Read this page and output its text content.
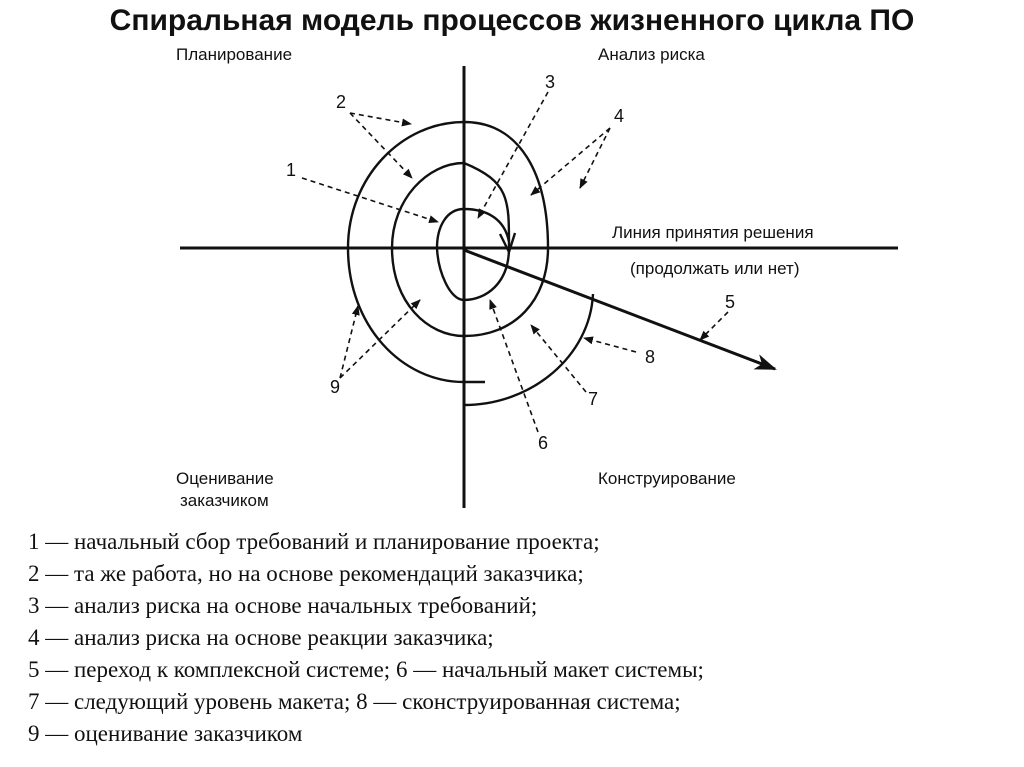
Спиральная модель процессов жизненного цикла ПО
Планирование	Анализ риска
Оценивание
заказчиком
Конструирование
Линия принятия решения
(продолжать или нет)
1
2
3
4
5
6
7
8
9
1 — начальный сбор требований и планирование проекта;
2 — та же работа, но на основе рекомендаций заказчика;
3 — анализ риска на основе начальных требований;
4 — анализ риска на основе реакции заказчика;
5 — переход к комплексной системе; 6 — начальный макет системы;
7 — следующий уровень макета; 8 — сконструированная система;
9 — оценивание заказчиком
